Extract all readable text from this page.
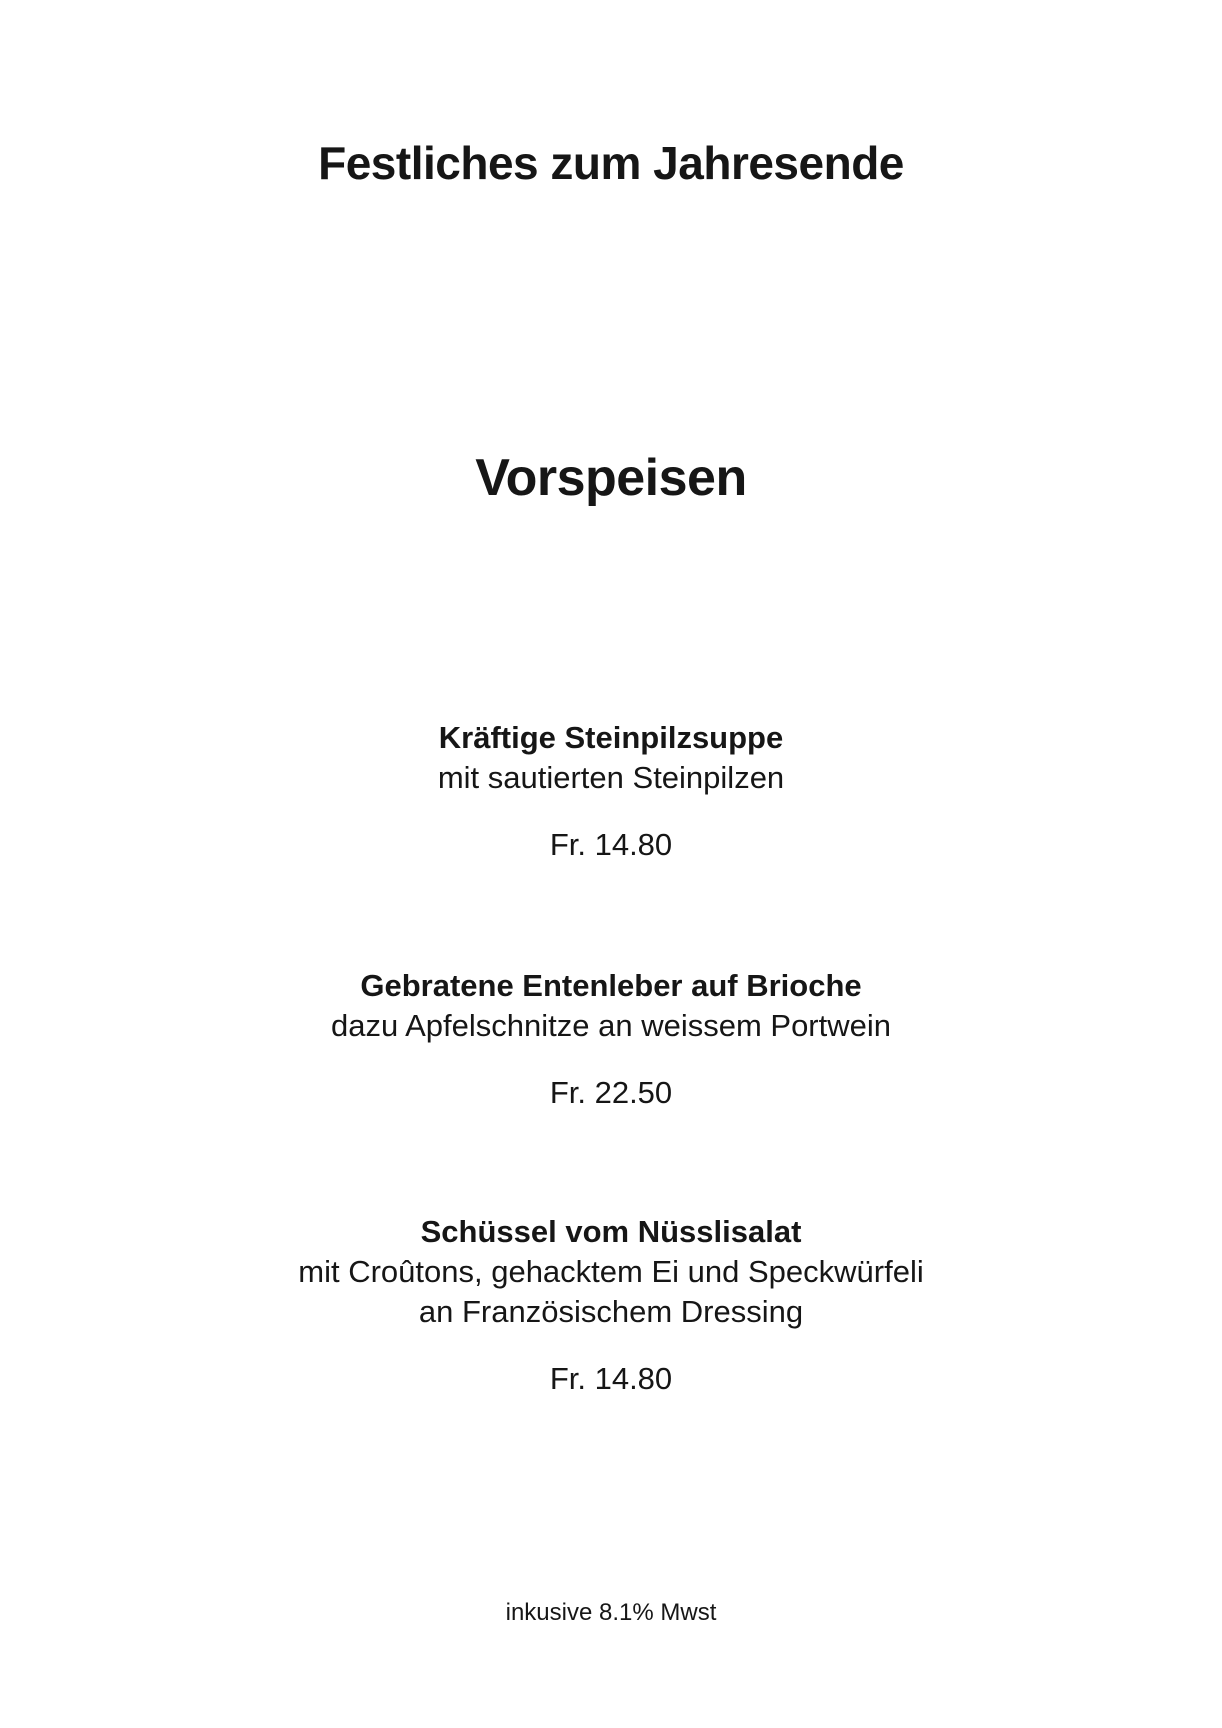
Festliches zum Jahresende
Vorspeisen
Kräftige Steinpilzsuppe
mit sautierten Steinpilzen
Fr. 14.80
Gebratene Entenleber auf Brioche
dazu Apfelschnitze an weissem Portwein
Fr. 22.50
Schüssel vom Nüsslisalat
mit Croûtons, gehacktem Ei und Speckwürfeli
an Französischem Dressing
Fr. 14.80
inkusive 8.1% Mwst
